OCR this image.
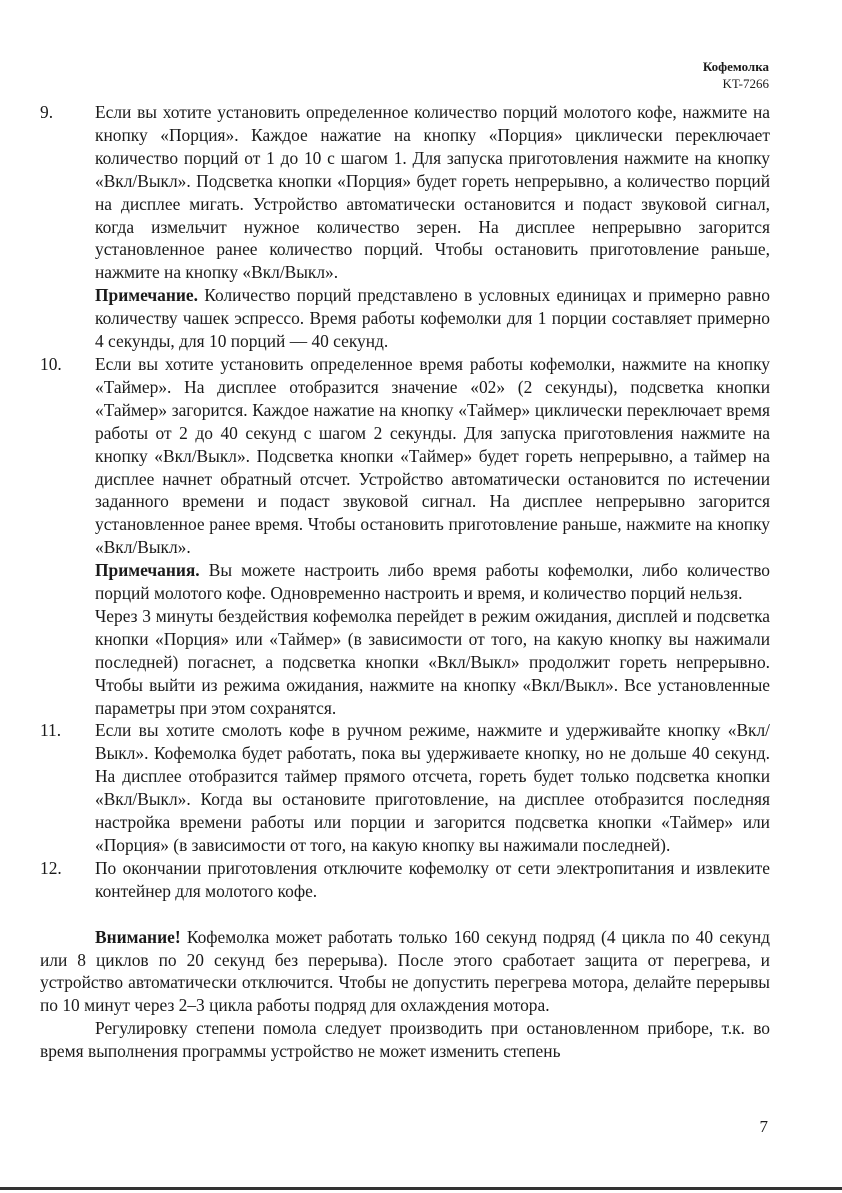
Кофемолка
KT-7266
9.	Если вы хотите установить определенное количество порций молотого кофе, нажмите на кнопку «Порция». Каждое нажатие на кнопку «Порция» циклически переключает количество порций от 1 до 10 с шагом 1. Для запуска приготовления нажмите на кнопку «Вкл/Выкл». Подсветка кнопки «Порция» будет гореть непрерывно, а количество порций на дисплее мигать. Устройство автоматически остановится и подаст звуковой сигнал, когда измельчит нужное количество зерен. На дисплее непрерывно загорится установленное ранее количество порций. Чтобы остановить приготовление раньше, нажмите на кнопку «Вкл/Выкл».

Примечание. Количество порций представлено в условных единицах и примерно равно количеству чашек эспрессо. Время работы кофемолки для 1 порции составляет примерно 4 секунды, для 10 порций — 40 секунд.

10.	Если вы хотите установить определенное время работы кофемолки, нажмите на кнопку «Таймер». На дисплее отобразится значение «02» (2 секунды), подсветка кнопки «Таймер» загорится. Каждое нажатие на кнопку «Таймер» циклически переключает время работы от 2 до 40 секунд с шагом 2 секунды. Для запуска приготовления нажмите на кнопку «Вкл/Выкл». Подсветка кнопки «Таймер» будет гореть непрерывно, а таймер на дисплее начнет обратный отсчет. Устройство автоматически остановится по истечении заданного времени и подаст звуковой сигнал. На дисплее непрерывно загорится установленное ранее время. Чтобы остановить приготовление раньше, нажмите на кнопку «Вкл/Выкл».

Примечания. Вы можете настроить либо время работы кофемолки, либо количество порций молотого кофе. Одновременно настроить и время, и количество порций нельзя.

Через 3 минуты бездействия кофемолка перейдет в режим ожидания, дисплей и подсветка кнопки «Порция» или «Таймер» (в зависимости от того, на какую кнопку вы нажимали последней) погаснет, а подсветка кнопки «Вкл/Выкл» продолжит гореть непрерывно. Чтобы выйти из режима ожидания, нажмите на кнопку «Вкл/Выкл». Все установленные параметры при этом сохранятся.

11.	Если вы хотите смолоть кофе в ручном режиме, нажмите и удерживайте кнопку «Вкл/Выкл». Кофемолка будет работать, пока вы удерживаете кнопку, но не дольше 40 секунд. На дисплее отобразится таймер прямого отсчета, гореть будет только подсветка кнопки «Вкл/Выкл». Когда вы остановите приготовление, на дисплее отобразится последняя настройка времени работы или порции и загорится подсветка кнопки «Таймер» или «Порция» (в зависимости от того, на какую кнопку вы нажимали последней).

12.	По окончании приготовления отключите кофемолку от сети электропитания и извлеките контейнер для молотого кофе.

Внимание! Кофемолка может работать только 160 секунд подряд (4 цикла по 40 секунд или 8 циклов по 20 секунд без перерыва). После этого сработает защита от перегрева, и устройство автоматически отключится. Чтобы не допустить перегрева мотора, делайте перерывы по 10 минут через 2–3 цикла работы подряд для охлаждения мотора.

Регулировку степени помола следует производить при остановленном приборе, т.к. во время выполнения программы устройство не может изменить степень

7
